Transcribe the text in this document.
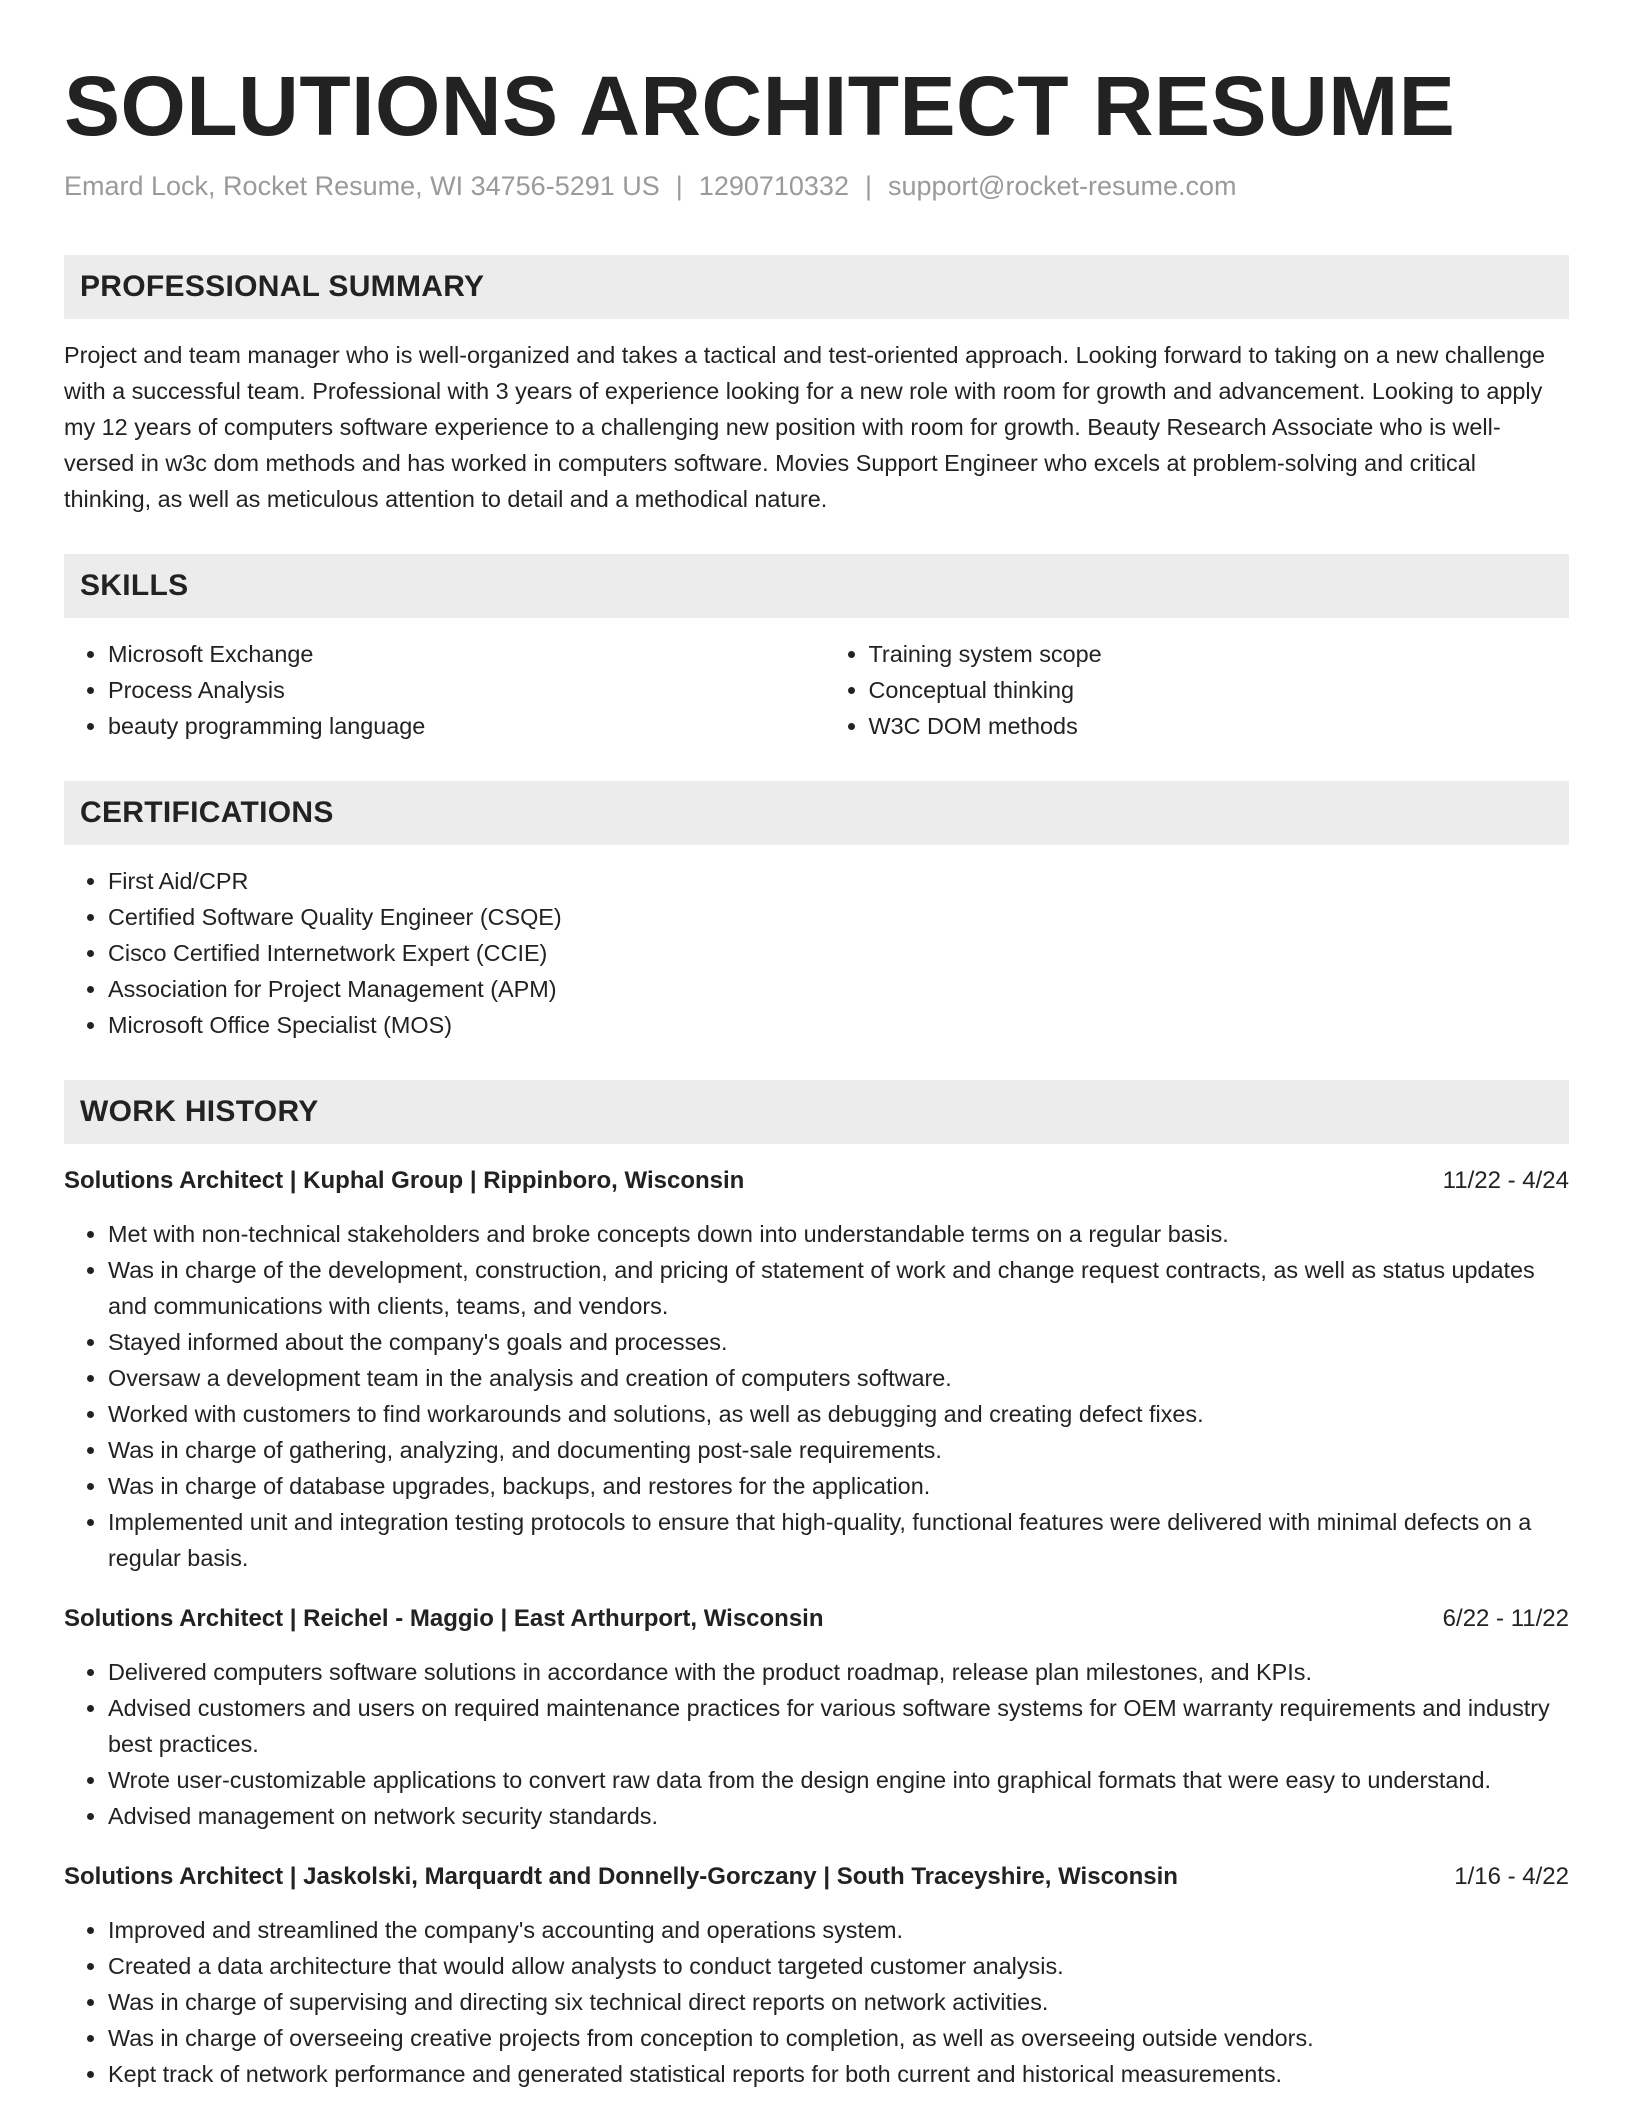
SOLUTIONS ARCHITECT RESUME
Emard Lock, Rocket Resume, WI 34756-5291 US | 1290710332 | support@rocket-resume.com
PROFESSIONAL SUMMARY

Project and team manager who is well-organized and takes a tactical and test-oriented approach. Looking forward to taking on a new challenge with a successful team. Professional with 3 years of experience looking for a new role with room for growth and advancement. Looking to apply my 12 years of computers software experience to a challenging new position with room for growth. Beauty Research Associate who is well-versed in w3c dom methods and has worked in computers software. Movies Support Engineer who excels at problem-solving and critical thinking, as well as meticulous attention to detail and a methodical nature.

SKILLS
• Microsoft Exchange
• Process Analysis
• beauty programming language
• Training system scope
• Conceptual thinking
• W3C DOM methods
CERTIFICATIONS
• First Aid/CPR
• Certified Software Quality Engineer (CSQE)
• Cisco Certified Internetwork Expert (CCIE)
• Association for Project Management (APM)
• Microsoft Office Specialist (MOS)
WORK HISTORY
Solutions Architect | Kuphal Group | Rippinboro, Wisconsin	11/22 - 4/24
• Met with non-technical stakeholders and broke concepts down into understandable terms on a regular basis.
• Was in charge of the development, construction, and pricing of statement of work and change request contracts, as well as status updates and communications with clients, teams, and vendors.
• Stayed informed about the company's goals and processes.
• Oversaw a development team in the analysis and creation of computers software.
• Worked with customers to find workarounds and solutions, as well as debugging and creating defect fixes.
• Was in charge of gathering, analyzing, and documenting post-sale requirements.
• Was in charge of database upgrades, backups, and restores for the application.
• Implemented unit and integration testing protocols to ensure that high-quality, functional features were delivered with minimal defects on a regular basis.
Solutions Architect | Reichel - Maggio | East Arthurport, Wisconsin	6/22 - 11/22
• Delivered computers software solutions in accordance with the product roadmap, release plan milestones, and KPIs.
• Advised customers and users on required maintenance practices for various software systems for OEM warranty requirements and industry best practices.
• Wrote user-customizable applications to convert raw data from the design engine into graphical formats that were easy to understand.
• Advised management on network security standards.
Solutions Architect | Jaskolski, Marquardt and Donnelly-Gorczany | South Traceyshire, Wisconsin	1/16 - 4/22
• Improved and streamlined the company's accounting and operations system.
• Created a data architecture that would allow analysts to conduct targeted customer analysis.
• Was in charge of supervising and directing six technical direct reports on network activities.
• Was in charge of overseeing creative projects from conception to completion, as well as overseeing outside vendors.
• Kept track of network performance and generated statistical reports for both current and historical measurements.
